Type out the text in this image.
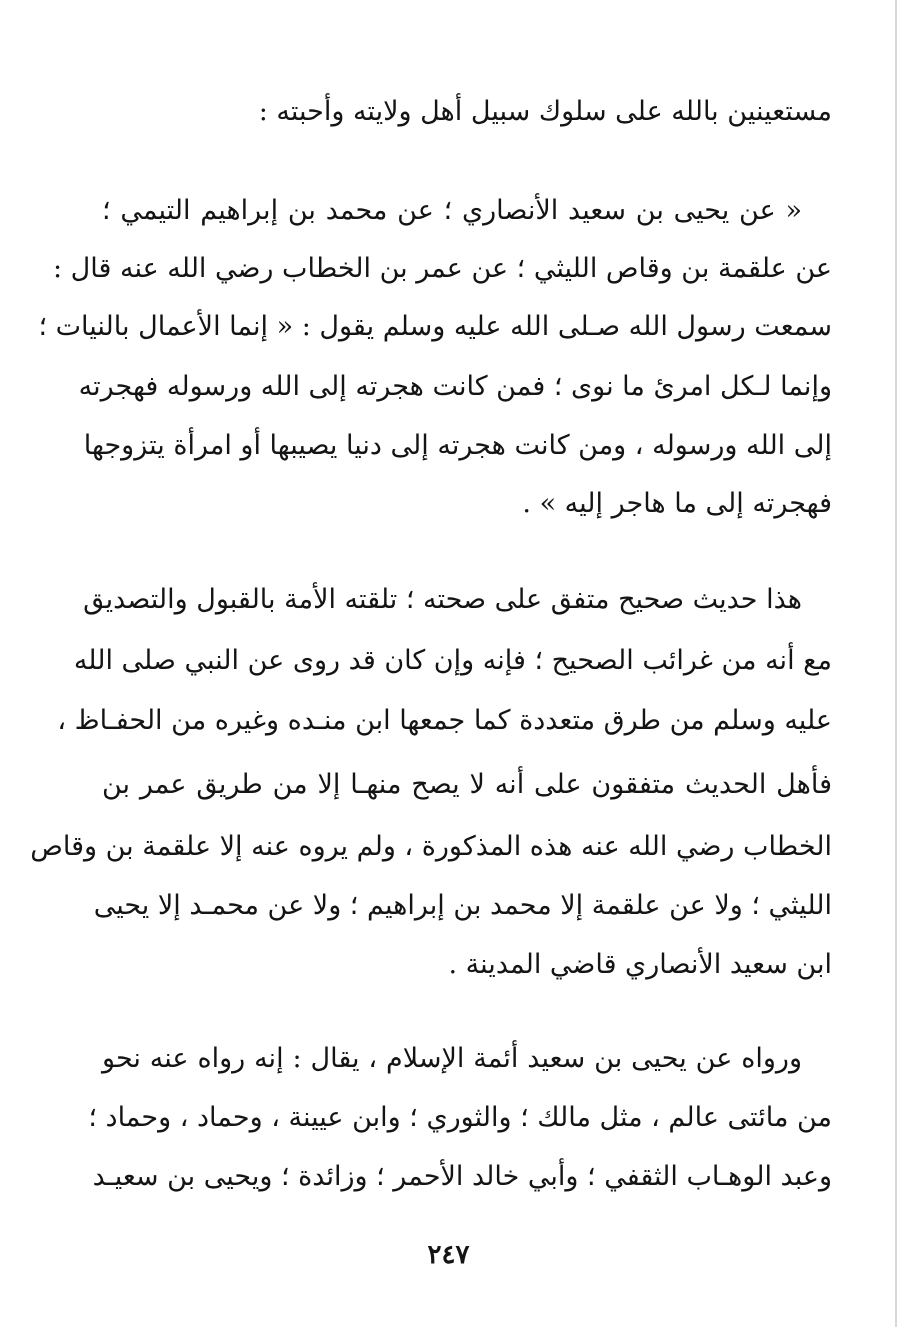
مستعينين بالله على سلوك سبيل أهل ولايته وأحبته :
« عن يحيى بن سعيد الأنصاري ؛ عن محمد بن إبراهيم التيمي ؛
عن علقمة بن وقاص الليثي ؛ عن عمر بن الخطاب رضي الله عنه قال :
سمعت رسول الله صـلى الله عليه وسلم يقول : « إنما الأعمال بالنيات ؛
وإنما لـكل امرئ ما نوى ؛ فمن كانت هجرته إلى الله ورسوله فهجرته
إلى الله ورسوله ، ومن كانت هجرته إلى دنيا يصيبها أو امرأة يتزوجها
فهجرته إلى ما هاجر إليه » .
هذا حديث صحيح متفق على صحته ؛ تلقته الأمة بالقبول والتصديق
مع أنه من غرائب الصحيح ؛ فإنه وإن كان قد روى عن النبي صلى الله
عليه وسلم من طرق متعددة كما جمعها ابن منـده وغيره من الحفـاظ ،
فأهل الحديث متفقون على أنه لا يصح منهـا إلا من طريق عمر بن
الخطاب رضي الله عنه هذه المذكورة ، ولم يروه عنه إلا علقمة بن وقاص
الليثي ؛ ولا عن علقمة إلا محمد بن إبراهيم ؛ ولا عن محمـد إلا يحيى
ابن سعيد الأنصاري قاضي المدينة .
ورواه عن يحيى بن سعيد أئمة الإسلام ، يقال : إنه رواه عنه نحو
من مائتى عالم ، مثل مالك ؛ والثوري ؛ وابن عيينة ، وحماد ، وحماد ؛
وعبد الوهـاب الثقفي ؛ وأبي خالد الأحمر ؛ وزائدة ؛ ويحيى بن سعيـد
٢٤٧
